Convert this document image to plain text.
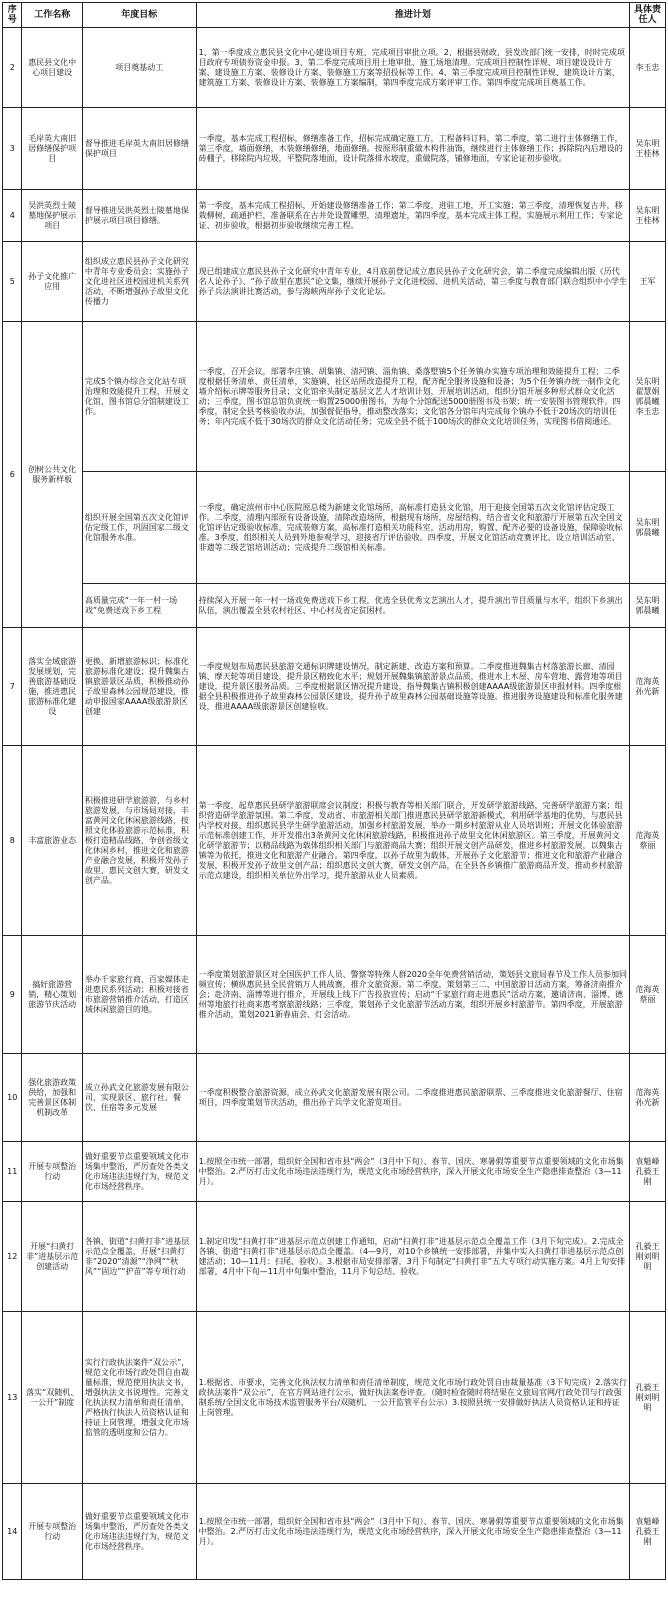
序号	工作名称	年度目标	推进计划	具体责任人
2	惠民县文化中心项目建设	项目奠基动工	1、第一季度成立惠民县文化中心建设项目专班，完成项目审批立项。2、根据县财政、县发改部门统一安排，时时完成项目政府专项债券资金申报。3、第二季度完成项目用土地审批、施工场地清理。完成项目控制性详规、项目建设设计方案、建设施工方案、装修设计方案、装修施工方案等招投标等工作。4、第三季度完成项目控制性详规、建筑设计方案、建筑施工方案、装修设计方案、装修施工方案编制，第四季度完成方案评审工作。第四季度完成项目奠基工作。	李玉忠
3	毛岸英大南旧居修缮保护项目	督导推进毛岸英大南旧居修缮保护项目	一季度，基本完成工程招标，修缮准备工作，招标完成确定施工方，工程备料订料，第二季度，第二进行主体修缮工作，第三季度，墙面修缮，木装修缮修缮，地面修缮。按原形制重做木构件油饰，继续进行主体修缮工作；拆除院内后增设的砖棚子，移除院内垃圾，平整院落地面，设计院落排水坡度，重做院落，铺修地面，专家论证初步验收。	吴东明王桂林
4	吴洪英烈士陵墓地保护展示项目	督导推进吴洪英烈士陵墓地保护展示项目项目修缮。	第一季度，基本完成工程招标，开始建设修缮准备工作；第二季度，进驻工地，开工实施；第三季度，清理恢复古井，移栽柳树，疏通护栏，准备联系在古井处设置雕塑，清理遗址，第四季度，基本完成主体工程，实施展示利用工作；专家论证、初步验收，根据初步验收继续完善工程。	吴东明王桂林
5	孙子文化推广应用	组织成立惠民县孙子文化研究中青年专业委员会；实施孙子文化进社区进校园进机关系列活动，不断增强孙子故里文化传播力	现已组建成立惠民县孙子文化研究中青年专业，4月底前登记成立惠民县孙子文化研究会，第二季度完成编辑出版《历代名人论孙子》、“孙子故里在惠民”论文集，继续开展孙子文化进校园、进机关活动，第三季度与教育部门联合组织中小学生孙子兵法演讲比赛活动，参与海峡两岸孙子文化论坛。	王军
6	创树公共文化服务新样板	完成5个镇办综合文化站专项治理和效能提升工程，开展文化馆、图书馆总分馆制建设工作。	一季度，召开会议，部署李庄镇、胡集镇、清河镇、淄角镇、桑落墅镇5个任务镇办实施专项治理和效能提升工程；二季度根据任务清单、责任清单，实施镇、社区站所改造提升工程，配齐配全服务设施和设备；为5个任务镇办统一制作文化墙介绍标示牌等服务目录；文化馆牵头制定基层文艺人才培训计划，开展培训活动，组织分馆开展多种形式群众文化活动；三季度，图书馆总馆负责统一购置25000册图书，为每个分馆配送5000册图书及书架；统一安装图书管理软件。四季度，制定全县考核验收办法，加强督促指导，推动整改落实；文化馆各分馆年内完成每个镇办不低于20场次的培训任务；年内完成不低于30场次的群众文化活动任务；完成全县不低于100场次的群众文化培训任务，实现图书借阅通还。	吴东明翟慧娟郭晨曦李玉忠
		组织开展全国第五次文化馆评估定级工作，巩固国家二级文化馆服务水准。	一季度，确定滨州市中心医院原总楼为新建文化馆场所，高标准打造县文化馆，用于迎接全国第五次文化馆评估定级工作。二季度，清理内部原有设备设施，清除改造场所，根据现有场所，房屋结构，结合省文化和旅游厅开展第五次全国文化馆评估定级验收标准，完成装修方案，高标准打造相关功能科室，活动用房，购置、配齐必要的设备设施，保障验收标准。3季度，组织相关人员到外地参观学习，迎接省厅评估验收。四季度，开展文化馆活动竞赛评比、设立培训活动室、非遗等二级艺馆培训活动；完成提升二级馆相关标准。	吴东明郭晨曦
		高质量完成“一年一村一场戏”免费送戏下乡工程	持续深入开展一年一村一场戏免费送戏下乡工程，优选全县优秀文艺演出人才，提升演出节目质量与水平，组织下乡演出队伍，演出覆盖全县农村社区、中心村及省定贫困村。	吴东明郭晨曦
7	落实全域旅游发展规划，完善旅游基础设施，推进惠民旅游标准化建设	更换、新增旅游标识；标准化旅游标准化建设；提升魏集古镇旅游景区品质，积极推动孙子故里森林公园规范建设，推动申报国家AAAA级旅游景区创建	一季度规划布局惠民县旅游交通标识牌建设情况，制定新建、改造方案和预算。二季度推进魏集古村落旅游长廊、清园镇、摩天轮等项目建设，提升景区精致化水平；规划开展魏集镇旅游景点品质，推进水上木屋、房车营地、露营地等项目建设，提升景区服务品质。三季度根据景区情况提升建设，指导魏集古镇积极创建AAAA级旅游景区申报材料。四季度根据全县积极推进孙子故里森林公园景区建设，提升孙子故里森林公园基础设施等设施。推进服务设施建设和标准化服务建设，推进AAAA级旅游景区创建验收。	范海英孙光新
8	丰富旅游业态	积极推进研学旅游游，与乡村旅游发展，与市场局对接，丰富黄河文化休闲旅游线路，按照文化体验旅游示范标准，积极打造精品线路，争创省级文化休闲乡村，推进文化和旅游产业融合发展，积极开发孙子故里、惠民文创大赛，研发文创产品。	第一季度，起草惠民县研学旅游联席会议制度；积极与教育等相关部门联合，开发研学旅游线路，完善研学旅游方案；组织营造研学旅游氛围。第二季度，发动省、市旅游相关部门推进惠民县研学旅游新模式，利用研学基地的优势，与惠民县内学校对接，组织惠民县学生研学旅游活动，加强乡村旅游发展，举办一期乡村旅游从业人员培训班；开展文化体验旅游示范标准创建工作，并开发推出3条黄河文化休闲旅游线路，积极推进孙子故里文化休闲旅游区。第三季度，开展黄河文化研学旅游节；以精品线路为载体组织相关部门与旅游商品大赛；组织开展文创产品研发，推进乡村旅游发展，以魏集古镇等为依托，推进文化和旅游产业融合。第四季度，以孙子故里为载体，开展孙子文化旅游节；推进文化和旅游产业融合发展，积极开发孙子故里文创产品；组织惠民文创大赛，研发文创产品，在全县各乡镇推广旅游商品开发，推动乡村旅游示范点建设，组织相关单位外出学习，提升旅游从业人员素质。	范海英蔡丽
9	搞好旅游营销，精心策划旅游节庆活动	举办千家旅行商、百家媒体走进惠民系列活动；积极对接省市旅游营销推介活动，打造区域休闲旅游目的地。	一季度策划旅游景区对全国医护工作人员、警察等特殊人群2020全年免费营销活动，策划县文旅局春节及工作人员参加同频宣传；横纵惠民县全民营销万人挑战赛，推介文旅资源。第二季度，策划第三二、中国旅游日活动方案，筹备济南推介会；赴济南、淄博等进行推介，开展线上线下广告投放宣传；启动“千家旅行商走进惠民”活动方案，邀请济南、淄博、德州等地旅行社商来惠考察旅游线路；三季度，策划孙子文化旅游节活动方案，组织开展乡村旅游节。第四季度，开展旅游推介活动，策划2021新春庙会、灯会活动。	范海英蔡丽
10	强化旅游政策供给，加强和完善景区体制机制改革	成立孙武文化旅游发展有限公司，实现景区、旅行社、餐饮、住宿等多元发展	一季度积极整合旅游资源，成立孙武文化旅游发展有限公司。二季度推进惠民旅游联票、三季度推进文化旅游餐厅、住宿项目，四季度策划节庆活动，推出孙子兵学文化游览项目。	范海英孙光新
11	开展专项整治行动	做好重要节点重要领域文化市场集中整治，严厉查处各类文化市场违法违规行为，规范文化市场经营秩序。	1.按照全市统一部署，组织好全国和省市县“两会”（3月中下旬）、春节、国庆、寒暑假等重要节点重要领域的文化市场集中整治。2.严厉打击文化市场违法违规行为，规范文化市场经营秩序，深入开展文化市场安全生产隐患排查整治（3—11月）。	袁魁峰孔毅王刚
12	开展“扫黄打非”进基层示范创建活动	各镇、街道“扫黄打非”进基层示范点全覆盖，开展“扫黄打非”2020“清源”“净网”“秋风”“固边”“护苗”等专项行动	1.制定印发“扫黄打非”进基层示范点创建工作通知，启动“扫黄打非”进基层示范点全覆盖工作（3月下旬完成）。2.完成全各镇、街道“扫黄打非”进基层示范点全覆盖。（4—9月，对10个乡镇统一安排部署，并集中实入扫黄打非进基层示范点创建活动；10—11月：扫尾、验收）。3.根据市局安排部署，3月下旬制定“扫黄打非”五大专项行动实施方案。4月上旬安排部署，4月中下旬—11月中旬集中整治，11月下旬总结、验收。	孔毅王刚刘明明
13	落实“双随机、一公开”制度	实行行政执法案件“双公示”，规范文化市场行政处罚自由裁量标准，规范使用执法文书，增强执法文书说理性。完善文化执法权力清单和责任清单，严格执行执法人员资格认证和持证上岗管理，增强文化市场监管的透明度和公信力。	1.根据省、市要求，完善文化执法权力清单和责任清单制度，规范文化市场行政处罚自由裁量基准（3下旬完成）2.落实行政执法案件“双公示”，在官方网站进行公示，做好执法案卷评查。（随时检查随时将结果在文旅局官网/行政处罚与行政强制系统/全国文化市场技术监管服务平台/双随机、一公开监管平台公示）3.按照县统一安排做好执法人员资格认证和持证上岗管理。	孔毅王刚刘明明
14	开展专项整治行动	做好重要节点重要领域文化市场集中整治，严厉查处各类文化市场违法违规行为，规范文化市场经营秩序。	1.按照全市统一部署，组织好全国和省市县“两会”（3月中下旬）、春节、国庆、寒暑假等重要节点重要领域的文化市场集中整治。2.严厉打击文化市场违法违规行为，规范文化市场经营秩序，深入开展文化市场安全生产隐患排查整治（3—11月）。	袁魁峰孔毅王刚
